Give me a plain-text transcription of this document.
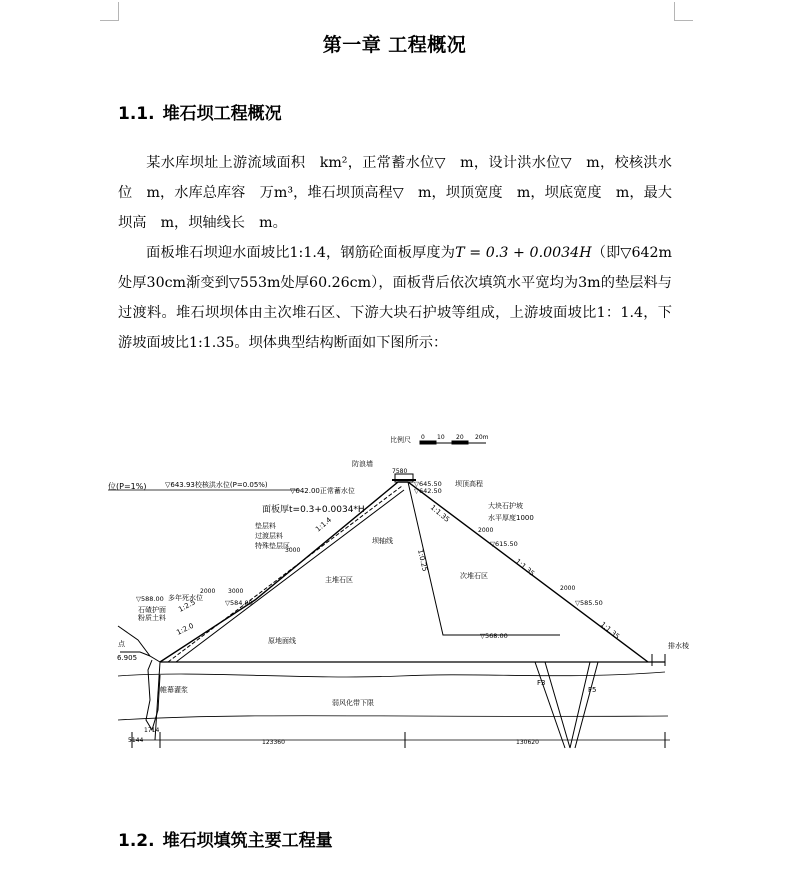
第一章 工程概况
1.1. 堆石坝工程概况
某水库坝址上游流域面积　km²，正常蓄水位▽　m，设计洪水位▽　m，校核洪水位　m，水库总库容　万m³，堆石坝顶高程▽　m，坝顶宽度　m，坝底宽度　m，最大坝高　m，坝轴线长　m。
面板堆石坝迎水面坡比1:1.4，钢筋砼面板厚度为T = 0.3 + 0.0034H（即▽642m处厚30cm渐变到▽553m处厚60.26cm），面板背后依次填筑水平宽均为3m的垫层料与过渡料。堆石坝坝体由主次堆石区、下游大块石护坡等组成，上游坡面坡比1：1.4，下游坡面坡比1:1.35。坝体典型结构断面如下图所示：
比例尺 0 10 20 20m
位(P=1%)	▽643.93校核洪水位(P=0.05%)
▽642.00正常蓄水位
防浪墙
7580
▽645.50
▽642.50
坝顶高程
面板厚t=0.3+0.0034*H
1:1.4
坝轴线
大块石护坡
水平厚度1000
1:1.35
2000
▽615.50
1:1.35
1:0.25
主堆石区	次堆石区
2000
▽585.50
1:1.35
垫层料
过渡层料
特殊垫层区
3000
3000
2000
多年死水位
▽588.00	▽584.00
石碴护面
粉质土料
1:2.5
1:2.0
原地面线
▽568.00
点
6.905
帷幕灌浆
弱风化带下限
F3
F5
排水棱
1714
5144	123360	130620
1.2. 堆石坝填筑主要工程量
